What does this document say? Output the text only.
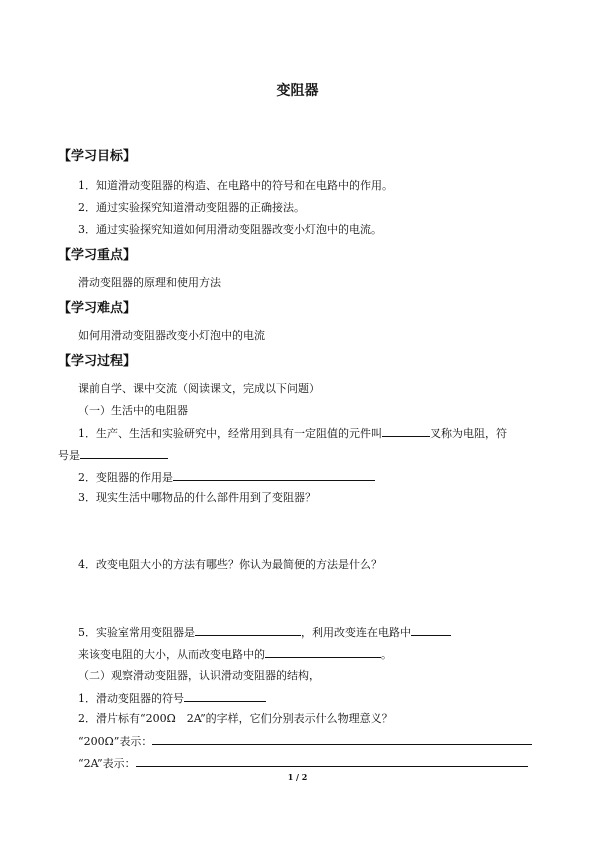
变阻器
【学习目标】
1．知道滑动变阻器的构造、在电路中的符号和在电路中的作用。
2．通过实验探究知道滑动变阻器的正确接法。
3．通过实验探究知道如何用滑动变阻器改变小灯泡中的电流。
【学习重点】
滑动变阻器的原理和使用方法
【学习难点】
如何用滑动变阻器改变小灯泡中的电流
【学习过程】
课前自学、课中交流（阅读课文，完成以下问题）
（一）生活中的电阻器
1．生产、生活和实验研究中，经常用到具有一定阻值的元件叫	叉称为电阻，符
号是
2．变阻器的作用是
3．现实生活中哪物品的什么部件用到了变阻器？
4．改变电阻大小的方法有哪些？你认为最简便的方法是什么？
5．实验室常用变阻器是	，利用改变连在电路中
来该变电阻的大小，从而改变电路中的	。
（二）观察滑动变阻器，认识滑动变阻器的结构，
1．滑动变阻器的符号
2．滑片标有“200Ω　2A”的字样，它们分别表示什么物理意义？
“200Ω”表示：
“2A”表示：
1 / 2
